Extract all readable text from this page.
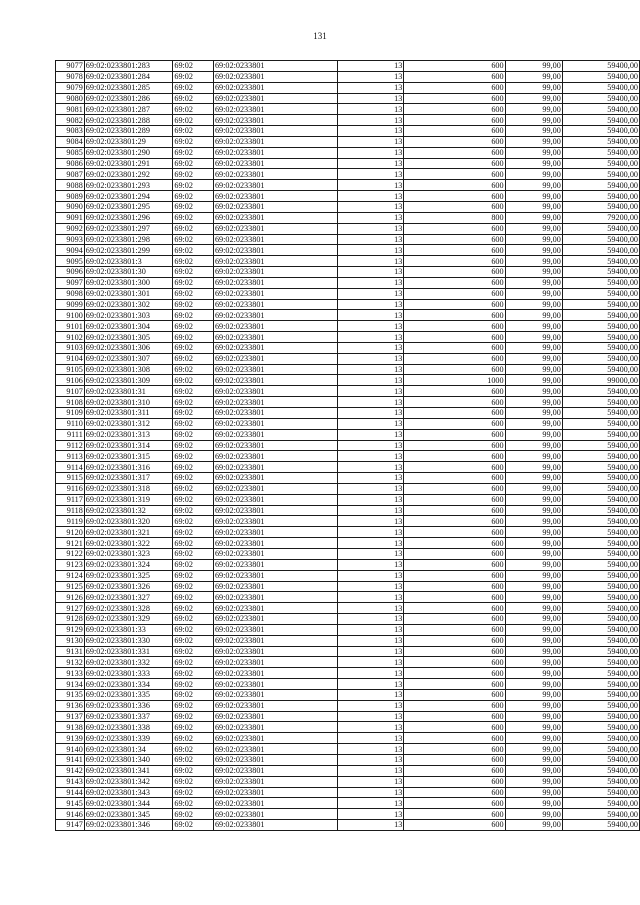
131
9077	69:02:0233801:283	69:02	69:02:0233801	13	600	99,00	59400,00
9078	69:02:0233801:284	69:02	69:02:0233801	13	600	99,00	59400,00
9079	69:02:0233801:285	69:02	69:02:0233801	13	600	99,00	59400,00
9080	69:02:0233801:286	69:02	69:02:0233801	13	600	99,00	59400,00
9081	69:02:0233801:287	69:02	69:02:0233801	13	600	99,00	59400,00
9082	69:02:0233801:288	69:02	69:02:0233801	13	600	99,00	59400,00
9083	69:02:0233801:289	69:02	69:02:0233801	13	600	99,00	59400,00
9084	69:02:0233801:29	69:02	69:02:0233801	13	600	99,00	59400,00
9085	69:02:0233801:290	69:02	69:02:0233801	13	600	99,00	59400,00
9086	69:02:0233801:291	69:02	69:02:0233801	13	600	99,00	59400,00
9087	69:02:0233801:292	69:02	69:02:0233801	13	600	99,00	59400,00
9088	69:02:0233801:293	69:02	69:02:0233801	13	600	99,00	59400,00
9089	69:02:0233801:294	69:02	69:02:0233801	13	600	99,00	59400,00
9090	69:02:0233801:295	69:02	69:02:0233801	13	600	99,00	59400,00
9091	69:02:0233801:296	69:02	69:02:0233801	13	800	99,00	79200,00
9092	69:02:0233801:297	69:02	69:02:0233801	13	600	99,00	59400,00
9093	69:02:0233801:298	69:02	69:02:0233801	13	600	99,00	59400,00
9094	69:02:0233801:299	69:02	69:02:0233801	13	600	99,00	59400,00
9095	69:02:0233801:3	69:02	69:02:0233801	13	600	99,00	59400,00
9096	69:02:0233801:30	69:02	69:02:0233801	13	600	99,00	59400,00
9097	69:02:0233801:300	69:02	69:02:0233801	13	600	99,00	59400,00
9098	69:02:0233801:301	69:02	69:02:0233801	13	600	99,00	59400,00
9099	69:02:0233801:302	69:02	69:02:0233801	13	600	99,00	59400,00
9100	69:02:0233801:303	69:02	69:02:0233801	13	600	99,00	59400,00
9101	69:02:0233801:304	69:02	69:02:0233801	13	600	99,00	59400,00
9102	69:02:0233801:305	69:02	69:02:0233801	13	600	99,00	59400,00
9103	69:02:0233801:306	69:02	69:02:0233801	13	600	99,00	59400,00
9104	69:02:0233801:307	69:02	69:02:0233801	13	600	99,00	59400,00
9105	69:02:0233801:308	69:02	69:02:0233801	13	600	99,00	59400,00
9106	69:02:0233801:309	69:02	69:02:0233801	13	1000	99,00	99000,00
9107	69:02:0233801:31	69:02	69:02:0233801	13	600	99,00	59400,00
9108	69:02:0233801:310	69:02	69:02:0233801	13	600	99,00	59400,00
9109	69:02:0233801:311	69:02	69:02:0233801	13	600	99,00	59400,00
9110	69:02:0233801:312	69:02	69:02:0233801	13	600	99,00	59400,00
9111	69:02:0233801:313	69:02	69:02:0233801	13	600	99,00	59400,00
9112	69:02:0233801:314	69:02	69:02:0233801	13	600	99,00	59400,00
9113	69:02:0233801:315	69:02	69:02:0233801	13	600	99,00	59400,00
9114	69:02:0233801:316	69:02	69:02:0233801	13	600	99,00	59400,00
9115	69:02:0233801:317	69:02	69:02:0233801	13	600	99,00	59400,00
9116	69:02:0233801:318	69:02	69:02:0233801	13	600	99,00	59400,00
9117	69:02:0233801:319	69:02	69:02:0233801	13	600	99,00	59400,00
9118	69:02:0233801:32	69:02	69:02:0233801	13	600	99,00	59400,00
9119	69:02:0233801:320	69:02	69:02:0233801	13	600	99,00	59400,00
9120	69:02:0233801:321	69:02	69:02:0233801	13	600	99,00	59400,00
9121	69:02:0233801:322	69:02	69:02:0233801	13	600	99,00	59400,00
9122	69:02:0233801:323	69:02	69:02:0233801	13	600	99,00	59400,00
9123	69:02:0233801:324	69:02	69:02:0233801	13	600	99,00	59400,00
9124	69:02:0233801:325	69:02	69:02:0233801	13	600	99,00	59400,00
9125	69:02:0233801:326	69:02	69:02:0233801	13	600	99,00	59400,00
9126	69:02:0233801:327	69:02	69:02:0233801	13	600	99,00	59400,00
9127	69:02:0233801:328	69:02	69:02:0233801	13	600	99,00	59400,00
9128	69:02:0233801:329	69:02	69:02:0233801	13	600	99,00	59400,00
9129	69:02:0233801:33	69:02	69:02:0233801	13	600	99,00	59400,00
9130	69:02:0233801:330	69:02	69:02:0233801	13	600	99,00	59400,00
9131	69:02:0233801:331	69:02	69:02:0233801	13	600	99,00	59400,00
9132	69:02:0233801:332	69:02	69:02:0233801	13	600	99,00	59400,00
9133	69:02:0233801:333	69:02	69:02:0233801	13	600	99,00	59400,00
9134	69:02:0233801:334	69:02	69:02:0233801	13	600	99,00	59400,00
9135	69:02:0233801:335	69:02	69:02:0233801	13	600	99,00	59400,00
9136	69:02:0233801:336	69:02	69:02:0233801	13	600	99,00	59400,00
9137	69:02:0233801:337	69:02	69:02:0233801	13	600	99,00	59400,00
9138	69:02:0233801:338	69:02	69:02:0233801	13	600	99,00	59400,00
9139	69:02:0233801:339	69:02	69:02:0233801	13	600	99,00	59400,00
9140	69:02:0233801:34	69:02	69:02:0233801	13	600	99,00	59400,00
9141	69:02:0233801:340	69:02	69:02:0233801	13	600	99,00	59400,00
9142	69:02:0233801:341	69:02	69:02:0233801	13	600	99,00	59400,00
9143	69:02:0233801:342	69:02	69:02:0233801	13	600	99,00	59400,00
9144	69:02:0233801:343	69:02	69:02:0233801	13	600	99,00	59400,00
9145	69:02:0233801:344	69:02	69:02:0233801	13	600	99,00	59400,00
9146	69:02:0233801:345	69:02	69:02:0233801	13	600	99,00	59400,00
9147	69:02:0233801:346	69:02	69:02:0233801	13	600	99,00	59400,00
